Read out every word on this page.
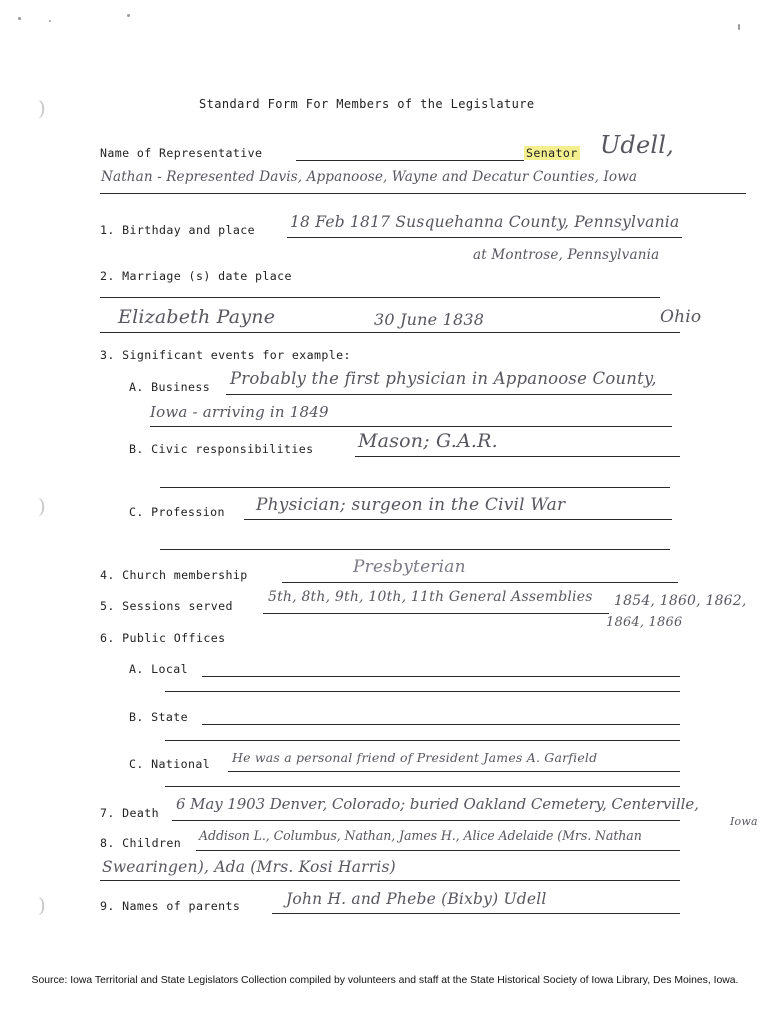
)
)
)
Standard Form For Members of the Legislature
Name of Representative	Senator Udell,
Nathan - Represented Davis, Appanoose, Wayne and Decatur Counties, Iowa
1. Birthday and place 18 Feb 1817 Susquehanna County, Pennsylvania
at Montrose, Pennsylvania
2. Marriage (s) date place
Elizabeth Payne	30 June 1838	Ohio
3. Significant events for example:
A. Business Probably the first physician in Appanoose County,
Iowa - arriving in 1849
B. Civic responsibilities Mason; G.A.R.
C. Profession Physician; surgeon in the Civil War
4. Church membership	Presbyterian
5. Sessions served
5th, 8th, 9th, 10th, 11th General Assemblies 1854, 1860, 1862,
1864, 1866
6. Public Offices
A. Local
B. State
C. National He was a personal friend of President James A. Garfield
7. Death 6 May 1903 Denver, Colorado; buried Oakland Cemetery, Centerville,
Iowa
8. Children Addison L., Columbus, Nathan, James H., Alice Adelaide (Mrs. Nathan
Swearingen), Ada (Mrs. Kosi Harris)
9. Names of parents	John H. and Phebe (Bixby) Udell
Source: Iowa Territorial and State Legislators Collection compiled by volunteers and staff at the State Historical Society of Iowa Library, Des Moines, Iowa.
